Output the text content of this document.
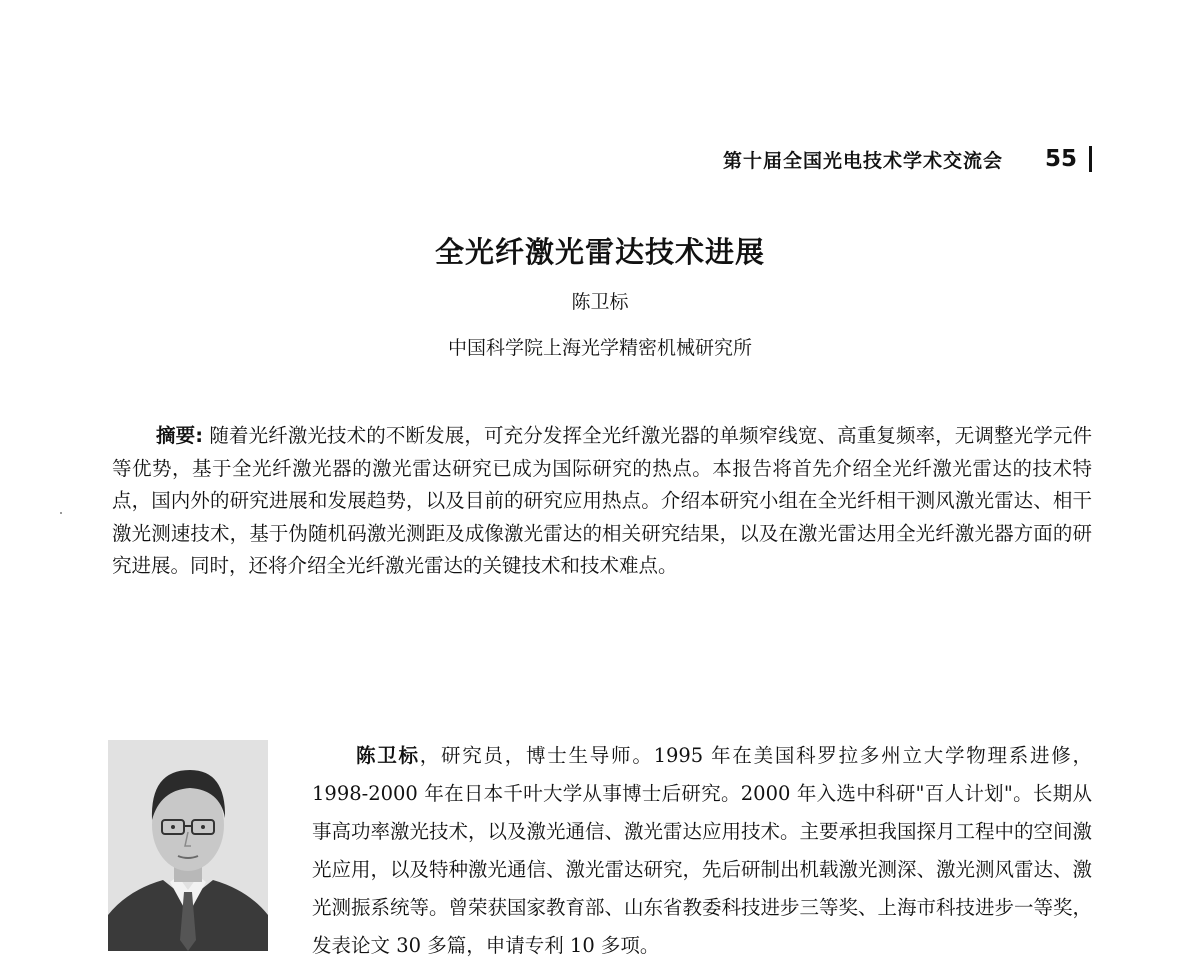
第十届全国光电技术学术交流会 55
全光纤激光雷达技术进展
陈卫标
中国科学院上海光学精密机械研究所
摘要: 随着光纤激光技术的不断发展，可充分发挥全光纤激光器的单频窄线宽、高重复频率，无调整光学元件等优势，基于全光纤激光器的激光雷达研究已成为国际研究的热点。本报告将首先介绍全光纤激光雷达的技术特点，国内外的研究进展和发展趋势，以及目前的研究应用热点。介绍本研究小组在全光纤相干测风激光雷达、相干激光测速技术，基于伪随机码激光测距及成像激光雷达的相关研究结果，以及在激光雷达用全光纤激光器方面的研究进展。同时，还将介绍全光纤激光雷达的关键技术和技术难点。
陈卫标，研究员，博士生导师。1995 年在美国科罗拉多州立大学物理系进修，1998-2000 年在日本千叶大学从事博士后研究。2000 年入选中科研"百人计划"。长期从事高功率激光技术，以及激光通信、激光雷达应用技术。主要承担我国探月工程中的空间激光应用，以及特种激光通信、激光雷达研究，先后研制出机载激光测深、激光测风雷达、激光测振系统等。曾荣获国家教育部、山东省教委科技进步三等奖、上海市科技进步一等奖，发表论文 30 多篇，申请专利 10 多项。
